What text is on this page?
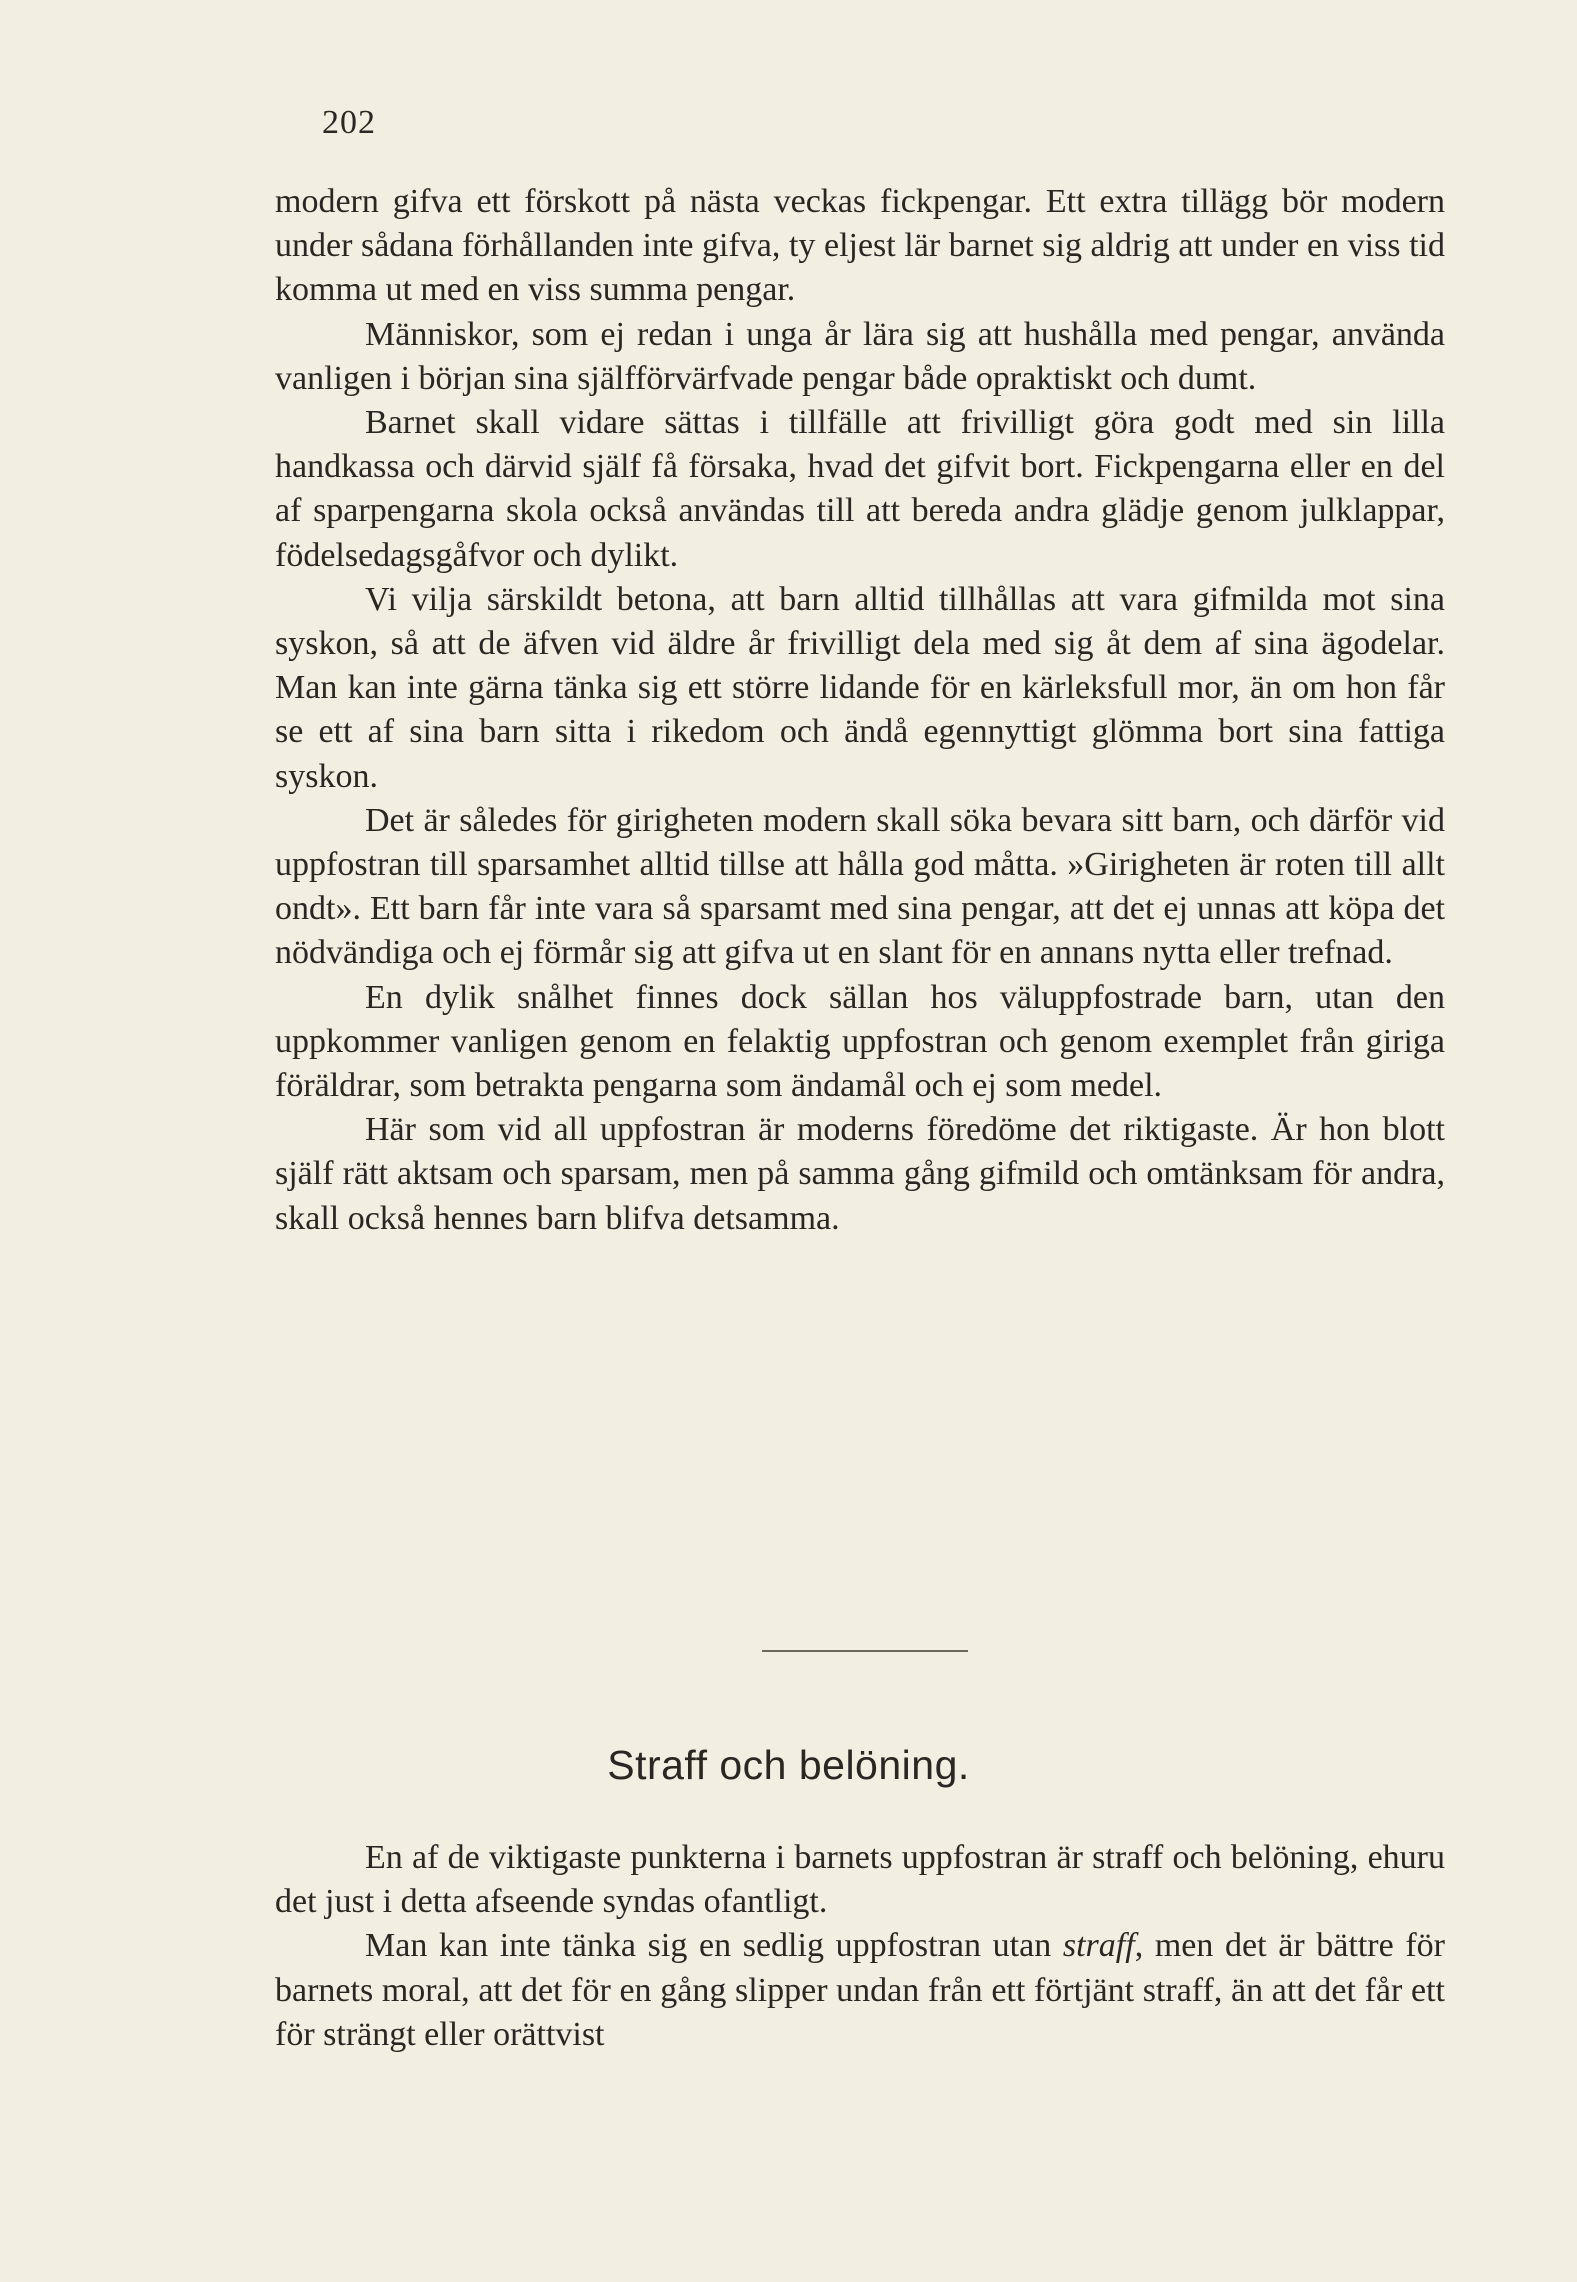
202

modern gifva ett förskott på nästa veckas fickpengar. Ett extra tillägg bör modern under sådana förhållanden inte gifva, ty eljest lär barnet sig aldrig att under en viss tid komma ut med en viss summa pengar.

Människor, som ej redan i unga år lära sig att hushålla med pengar, använda vanligen i början sina själfförvärfvade pengar både opraktiskt och dumt.

Barnet skall vidare sättas i tillfälle att frivilligt göra godt med sin lilla handkassa och därvid själf få försaka, hvad det gifvit bort. Fickpengarna eller en del af sparpengarna skola också användas till att bereda andra glädje genom julklappar, födelsedagsgåfvor och dylikt.

Vi vilja särskildt betona, att barn alltid tillhållas att vara gifmilda mot sina syskon, så att de äfven vid äldre år frivilligt dela med sig åt dem af sina ägodelar. Man kan inte gärna tänka sig ett större lidande för en kärleksfull mor, än om hon får se ett af sina barn sitta i rikedom och ändå egennyttigt glömma bort sina fattiga syskon.

Det är således för girigheten modern skall söka bevara sitt barn, och därför vid uppfostran till sparsamhet alltid tillse att hålla god måtta. »Girigheten är roten till allt ondt». Ett barn får inte vara så sparsamt med sina pengar, att det ej unnas att köpa det nödvändiga och ej förmår sig att gifva ut en slant för en annans nytta eller trefnad.

En dylik snålhet finnes dock sällan hos väluppfostrade barn, utan den uppkommer vanligen genom en felaktig uppfostran och genom exemplet från giriga föräldrar, som betrakta pengarna som ändamål och ej som medel.

Här som vid all uppfostran är moderns föredöme det riktigaste. Är hon blott själf rätt aktsam och sparsam, men på samma gång gifmild och omtänksam för andra, skall också hennes barn blifva detsamma.

Straff och belöning.

En af de viktigaste punkterna i barnets uppfostran är straff och belöning, ehuru det just i detta afseende syndas ofantligt.

Man kan inte tänka sig en sedlig uppfostran utan straff, men det är bättre för barnets moral, att det för en gång slipper undan från ett förtjänt straff, än att det får ett för strängt eller orättvist
